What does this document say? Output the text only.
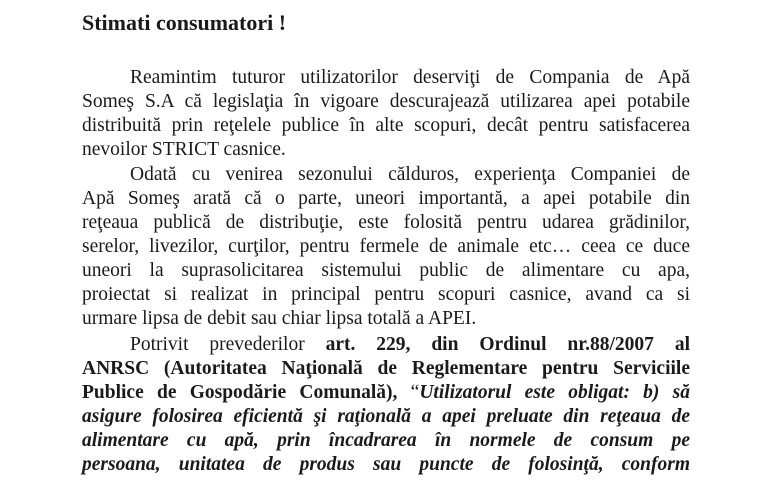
Stimati consumatori !
Reamintim tuturor utilizatorilor deserviţi de Compania de Apă
Someş S.A că legislaţia în vigoare descurajează utilizarea apei potabile
distribuită prin reţelele publice în alte scopuri, decât pentru satisfacerea
nevoilor STRICT casnice.
Odată cu venirea sezonului călduros, experienţa Companiei de
Apă Someş arată că o parte, uneori importantă, a apei potabile din
reţeaua publică de distribuţie, este folosită pentru udarea grădinilor,
serelor, livezilor, curţilor, pentru fermele de animale etc… ceea ce duce
uneori la suprasolicitarea sistemului public de alimentare cu apa,
proiectat si realizat in principal pentru scopuri casnice, avand ca si
urmare lipsa de debit sau chiar lipsa totală a APEI.
Potrivit prevederilor art. 229, din Ordinul nr.88/2007 al
ANRSC (Autoritatea Naţională de Reglementare pentru Serviciile
Publice de Gospodărie Comunală), “Utilizatorul este obligat: b) să
asigure folosirea eficientă şi raţională a apei preluate din reţeaua de
alimentare cu apă, prin încadrarea în normele de consum pe
persoana, unitatea de produs sau puncte de folosinţă, conform
